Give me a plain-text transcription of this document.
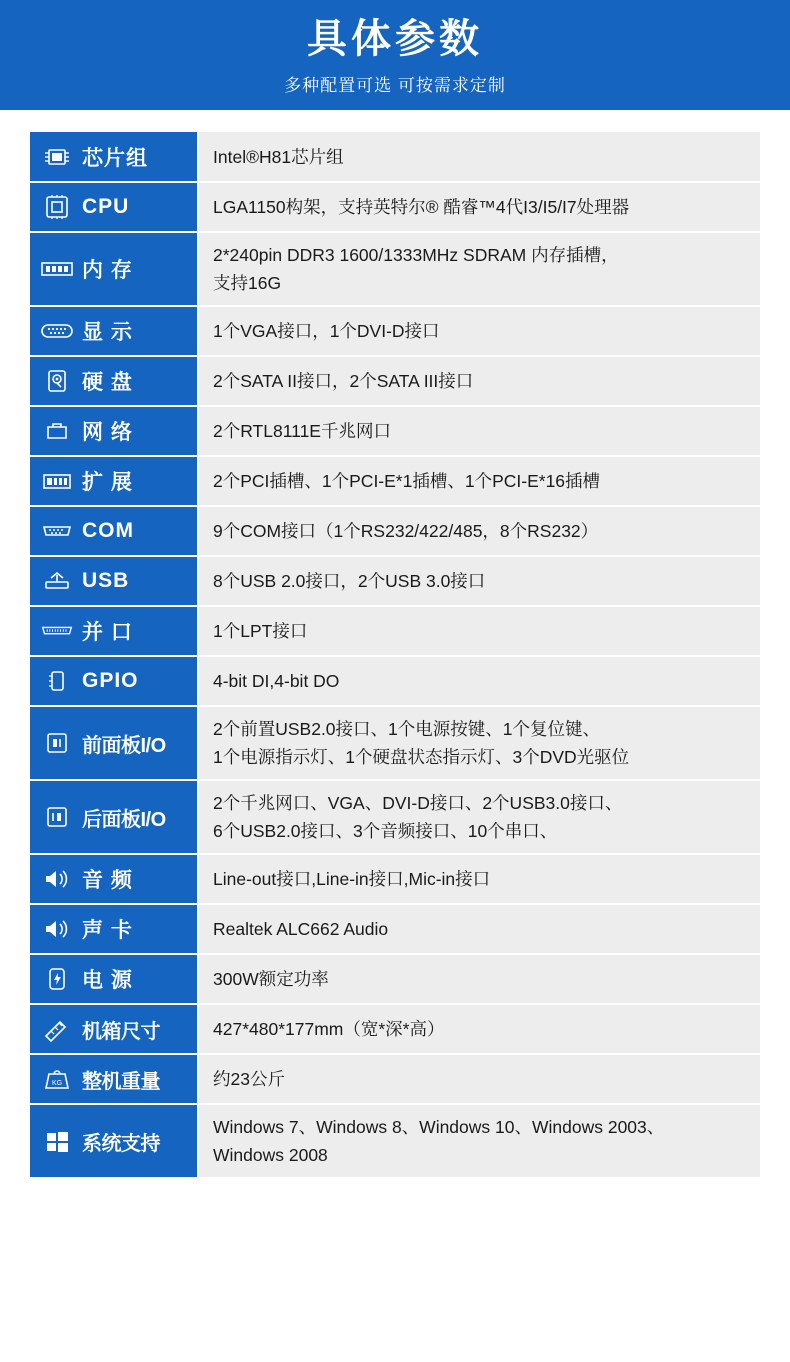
具体参数
多种配置可选 可按需求定制
芯片组	Intel®H81芯片组

CPU	LGA1150构架，支持英特尔® 酷睿™4代I3/I5/I7处理器

内 存	2*240pin DDR3 1600/1333MHz SDRAM 内存插槽，
支持16G

显 示	1个VGA接口，1个DVI-D接口

硬 盘	2个SATA II接口，2个SATA III接口

网 络	2个RTL8111E千兆网口

扩 展	2个PCI插槽、1个PCI-E*1插槽、1个PCI-E*16插槽

COM	9个COM接口（1个RS232/422/485，8个RS232）

USB	8个USB 2.0接口，2个USB 3.0接口

并 口	1个LPT接口

GPIO	4-bit DI,4-bit DO

前面板I/O	2个前置USB2.0接口、1个电源按键、1个复位键、
1个电源指示灯、1个硬盘状态指示灯、3个DVD光驱位

后面板I/O	2个千兆网口、VGA、DVI-D接口、2个USB3.0接口、
6个USB2.0接口、3个音频接口、10个串口、

音 频	Line-out接口,Line-in接口,Mic-in接口

声 卡	Realtek ALC662 Audio

电 源	300W额定功率

机箱尺寸	427*480*177mm（宽*深*高）

KG 整机重量	约23公斤

系统支持	Windows 7、Windows 8、Windows 10、Windows 2003、
Windows 2008
